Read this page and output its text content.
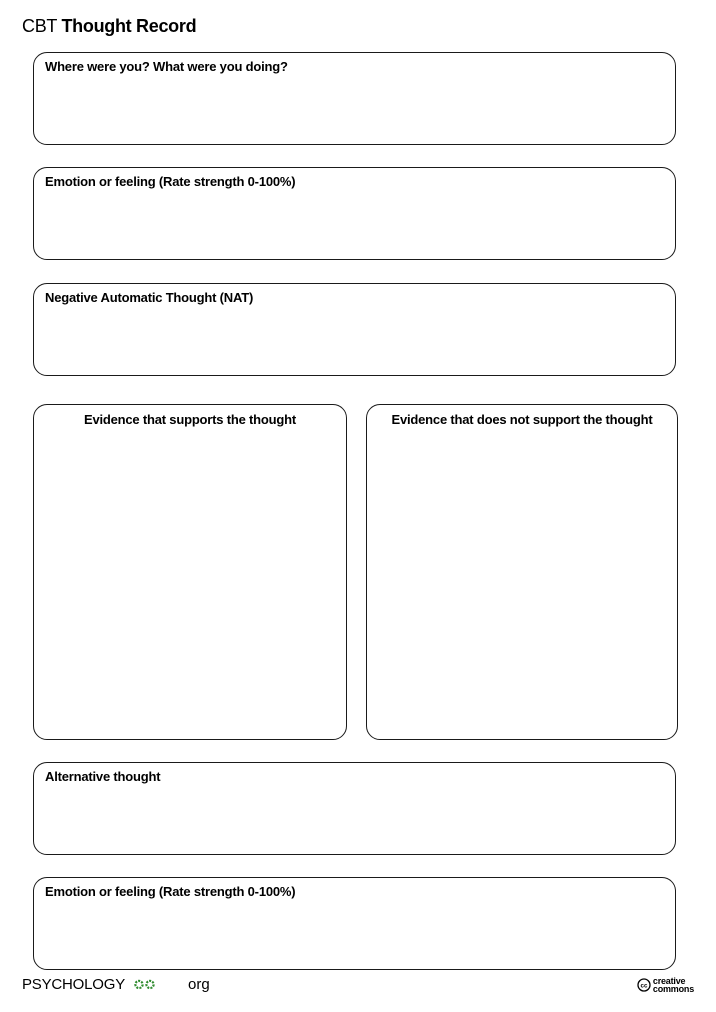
CBT Thought Record
Where were you? What were you doing?
Emotion or feeling (Rate strength 0-100%)
Negative Automatic Thought (NAT)
Evidence that supports the thought	Evidence that does not support the thought
Alternative thought
Emotion or feeling (Rate strength 0-100%)
PSYCHOLOGY	org	cc creative
commons
